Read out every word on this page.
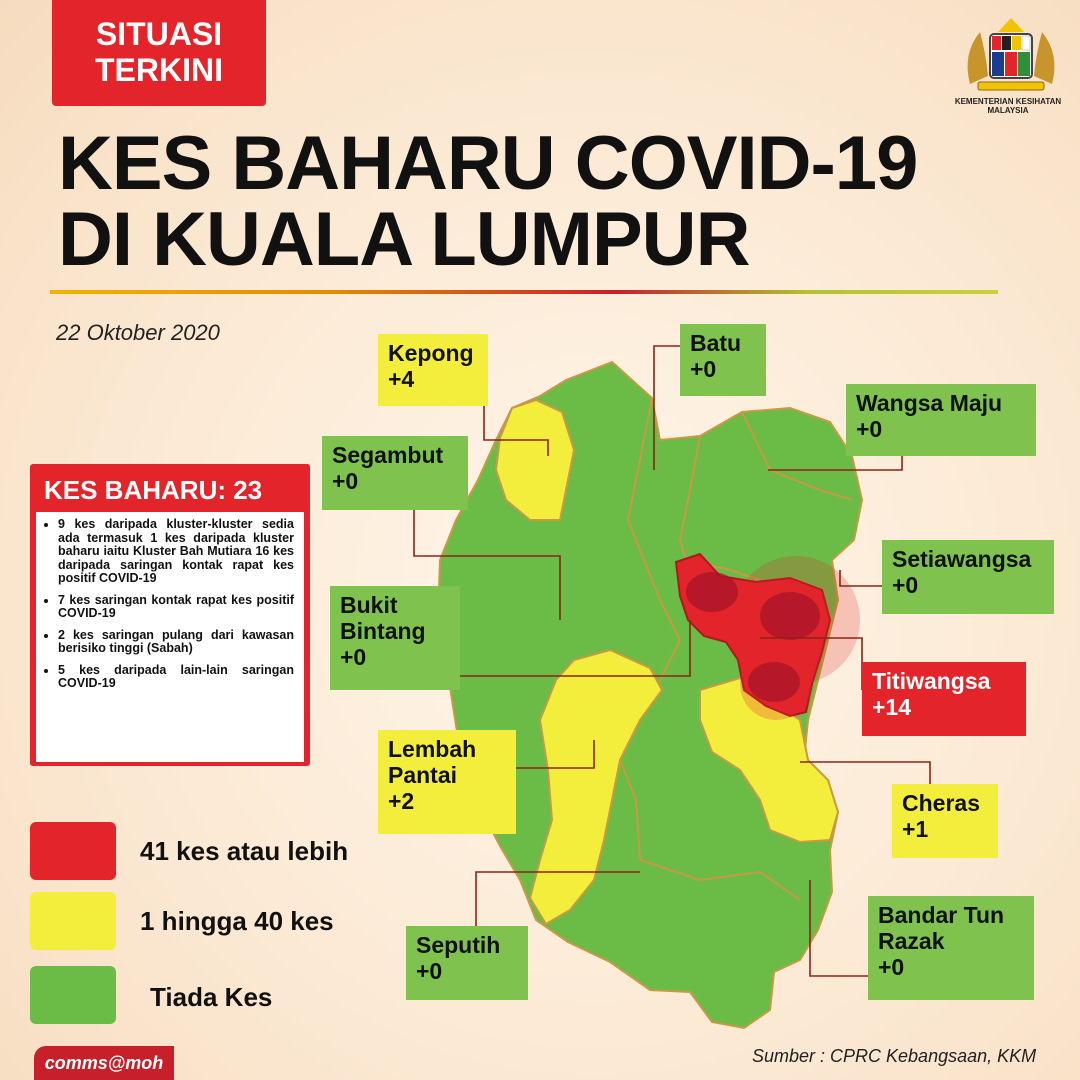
SITUASI
TERKINI
KEMENTERIAN KESIHATAN
MALAYSIA
KES BAHARU COVID-19
DI KUALA LUMPUR
22 Oktober 2020
Kepong
+4
Batu
+0
Wangsa Maju
+0
Segambut
+0
Setiawangsa
+0
Bukit
Bintang
+0
Titiwangsa
+14
Lembah
Pantai
+2	Cheras
+1
Bandar Tun
Razak
+0
Seputih
+0
KES BAHARU: 23
• 9 kes daripada kluster-kluster sedia ada termasuk 1 kes daripada kluster baharu iaitu Kluster Bah Mutiara 16 kes daripada saringan kontak rapat kes positif COVID-19
• 7 kes saringan kontak rapat kes positif COVID-19
• 2 kes saringan pulang dari kawasan berisiko tinggi (Sabah)
• 5 kes daripada lain-lain saringan COVID-19
41 kes atau lebih
1 hingga 40 kes
Tiada Kes
comms@moh	Sumber : CPRC Kebangsaan, KKM
